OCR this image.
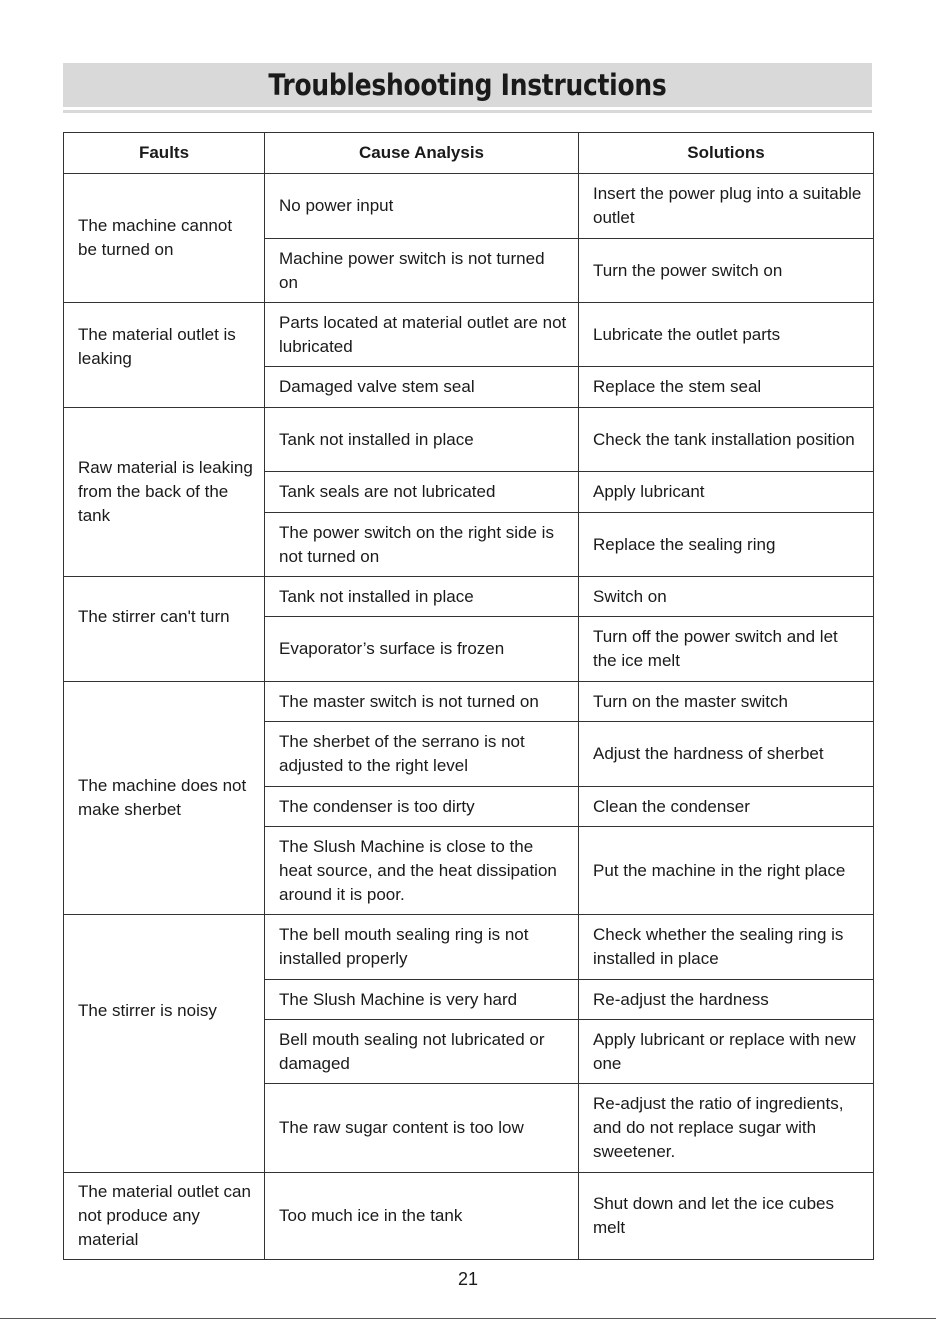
Troubleshooting Instructions
Faults	Cause Analysis	Solutions
The machine cannot be turned on	No power input	Insert the power plug into a suitable outlet
	Machine power switch is not turned on	Turn the power switch on
The material outlet is leaking	Parts located at material outlet are not lubricated	Lubricate the outlet parts
	Damaged valve stem seal	Replace the stem seal
Raw material is leaking from the back of the tank	Tank not installed in place	Check the tank installation position
	Tank seals are not lubricated	Apply lubricant
	The power switch on the right side is not turned on	Replace the sealing ring
The stirrer can't turn	Tank not installed in place	Switch on
	Evaporator’s surface is frozen	Turn off the power switch and let the ice melt
The machine does not make sherbet	The master switch is not turned on	Turn on the master switch
	The sherbet of the serrano is not adjusted to the right level	Adjust the hardness of sherbet
	The condenser is too dirty	Clean the condenser
	The Slush Machine is close to the heat source, and the heat dissipation around it is poor.	Put the machine in the right place
The stirrer is noisy	The bell mouth sealing ring is not installed properly	Check whether the sealing ring is installed in place
	The Slush Machine is very hard	Re-adjust the hardness
	Bell mouth sealing not lubricated or damaged	Apply lubricant or replace with new one
	The raw sugar content is too low	Re-adjust the ratio of ingredients, and do not replace sugar with sweetener.
The material outlet can not produce any material	Too much ice in the tank	Shut down and let the ice cubes melt
21
